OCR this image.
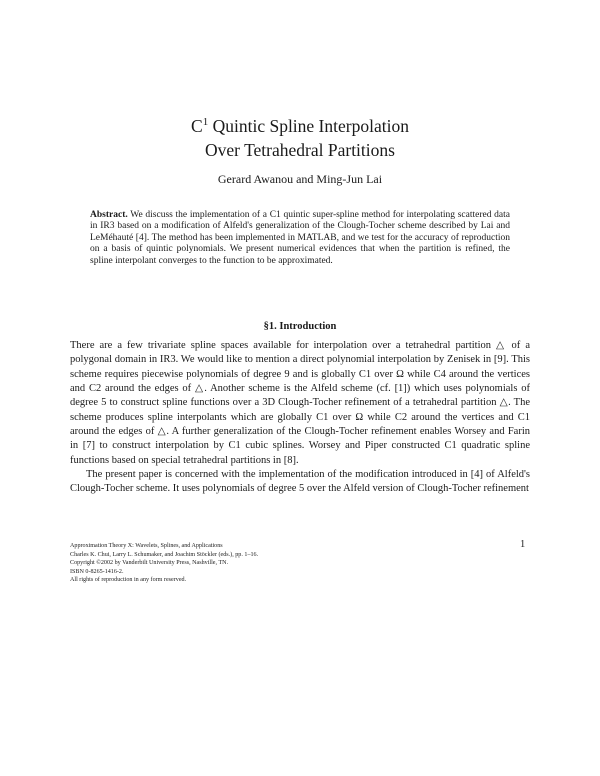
$C^1$ Quintic Spline Interpolation
Over Tetrahedral Partitions
Gerard Awanou and Ming-Jun Lai
Abstract. We discuss the implementation of a C1 quintic super-spline method for interpolating scattered data in IR3 based on a modification of Alfeld's generalization of the Clough-Tocher scheme described by Lai and LeMéhauté [4]. The method has been implemented in MATLAB, and we test for the accuracy of reproduction on a basis of quintic polynomials. We present numerical evidences that when the partition is refined, the spline interpolant converges to the function to be approximated.
§1. Introduction

There are a few trivariate spline spaces available for interpolation over a tetrahedral partition △ of a polygonal domain in IR3. We would like to mention a direct polynomial interpolation by Zenisek in [9]. This scheme requires piecewise polynomials of degree 9 and is globally C1 over Ω while C4 around the vertices and C2 around the edges of △. Another scheme is the Alfeld scheme (cf. [1]) which uses polynomials of degree 5 to construct spline functions over a 3D Clough-Tocher refinement of a tetrahedral partition △. The scheme produces spline interpolants which are globally C1 over Ω while C2 around the vertices and C1 around the edges of △. A further generalization of the Clough-Tocher refinement enables Worsey and Farin in [7] to construct interpolation by C1 cubic splines. Worsey and Piper constructed C1 quadratic spline functions based on special tetrahedral partitions in [8].

The present paper is concerned with the implementation of the modification introduced in [4] of Alfeld's Clough-Tocher scheme. It uses polynomials of degree 5 over the Alfeld version of Clough-Tocher refinement

1
Approximation Theory X: Wavelets, Splines, and Applications
Charles K. Chui, Larry L. Schumaker, and Joachim Stöckler (eds.), pp. 1–16.
Copyright ©2002 by Vanderbilt University Press, Nashville, TN.
ISBN 0-8265-1416-2.
All rights of reproduction in any form reserved.
